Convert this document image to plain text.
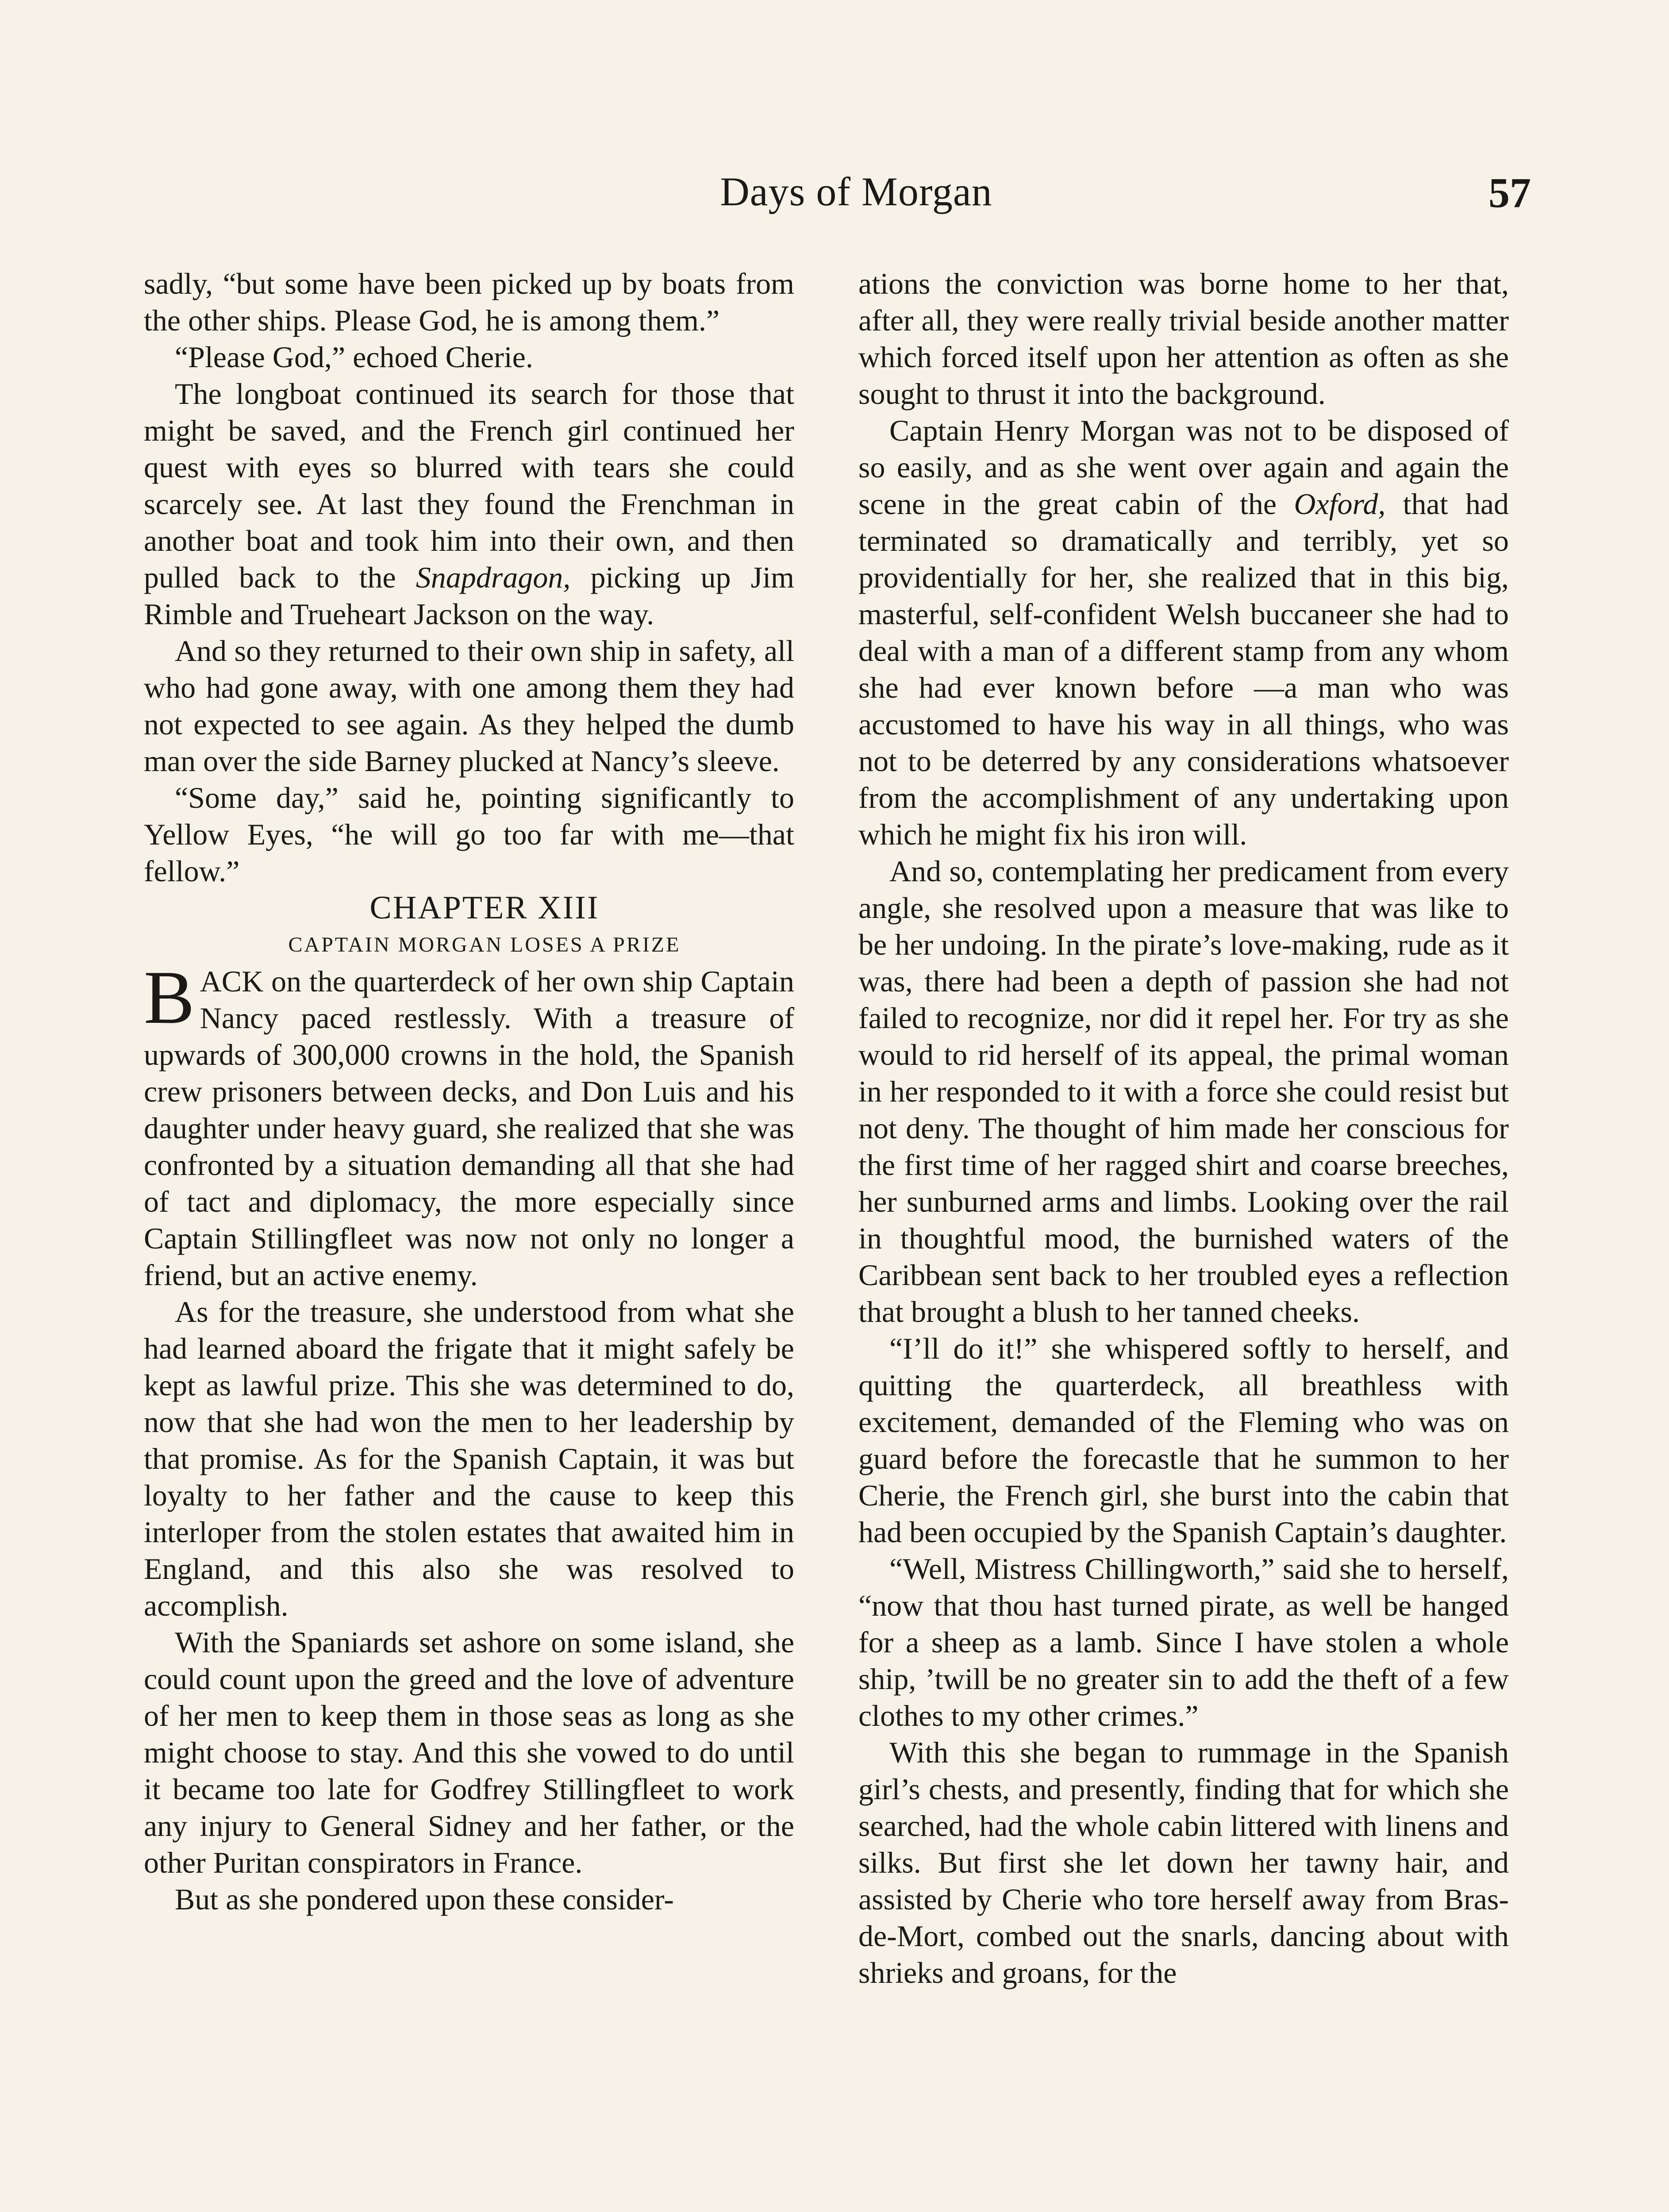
Days of Morgan	57

sadly, “but some have been picked up by boats from the other ships. Please God, he is among them.”

“Please God,” echoed Cherie.

The longboat continued its search for those that might be saved, and the French girl continued her quest with eyes so blurred with tears she could scarcely see. At last they found the Frenchman in another boat and took him into their own, and then pulled back to the Snapdragon, picking up Jim Rimble and Trueheart Jackson on the way.

And so they returned to their own ship in safety, all who had gone away, with one among them they had not expected to see again. As they helped the dumb man over the side Barney plucked at Nancy’s sleeve.

“Some day,” said he, pointing significantly to Yellow Eyes, “he will go too far with me—that fellow.”

CHAPTER XIII

CAPTAIN MORGAN LOSES A PRIZE

BACK on the quarterdeck of her own ship Captain Nancy paced restlessly. With a treasure of upwards of 300,000 crowns in the hold, the Spanish crew prisoners between decks, and Don Luis and his daughter under heavy guard, she realized that she was confronted by a situation demanding all that she had of tact and diplomacy, the more especially since Captain Stillingfleet was now not only no longer a friend, but an active enemy.

As for the treasure, she understood from what she had learned aboard the frigate that it might safely be kept as lawful prize. This she was determined to do, now that she had won the men to her leadership by that promise. As for the Spanish Captain, it was but loyalty to her father and the cause to keep this interloper from the stolen estates that awaited him in England, and this also she was resolved to accomplish.

With the Spaniards set ashore on some island, she could count upon the greed and the love of adventure of her men to keep them in those seas as long as she might choose to stay. And this she vowed to do until it became too late for Godfrey Stillingfleet to work any injury to General Sidney and her father, or the other Puritan conspirators in France.

But as she pondered upon these consider-

ations the conviction was borne home to her that, after all, they were really trivial beside another matter which forced itself upon her attention as often as she sought to thrust it into the background.

Captain Henry Morgan was not to be disposed of so easily, and as she went over again and again the scene in the great cabin of the Oxford, that had terminated so dramatically and terribly, yet so providentially for her, she realized that in this big, masterful, self-confident Welsh buccaneer she had to deal with a man of a different stamp from any whom she had ever known before —a man who was accustomed to have his way in all things, who was not to be deterred by any considerations whatsoever from the accomplishment of any undertaking upon which he might fix his iron will.

And so, contemplating her predicament from every angle, she resolved upon a measure that was like to be her undoing. In the pirate’s love-making, rude as it was, there had been a depth of passion she had not failed to recognize, nor did it repel her. For try as she would to rid herself of its appeal, the primal woman in her responded to it with a force she could resist but not deny. The thought of him made her conscious for the first time of her ragged shirt and coarse breeches, her sunburned arms and limbs. Looking over the rail in thoughtful mood, the burnished waters of the Caribbean sent back to her troubled eyes a reflection that brought a blush to her tanned cheeks.

“I’ll do it!” she whispered softly to herself, and quitting the quarterdeck, all breathless with excitement, demanded of the Fleming who was on guard before the forecastle that he summon to her Cherie, the French girl, she burst into the cabin that had been occupied by the Spanish Captain’s daughter.

“Well, Mistress Chillingworth,” said she to herself, “now that thou hast turned pirate, as well be hanged for a sheep as a lamb. Since I have stolen a whole ship, ’twill be no greater sin to add the theft of a few clothes to my other crimes.”

With this she began to rummage in the Spanish girl’s chests, and presently, finding that for which she searched, had the whole cabin littered with linens and silks. But first she let down her tawny hair, and assisted by Cherie who tore herself away from Bras-de-Mort, combed out the snarls, dancing about with shrieks and groans, for the
